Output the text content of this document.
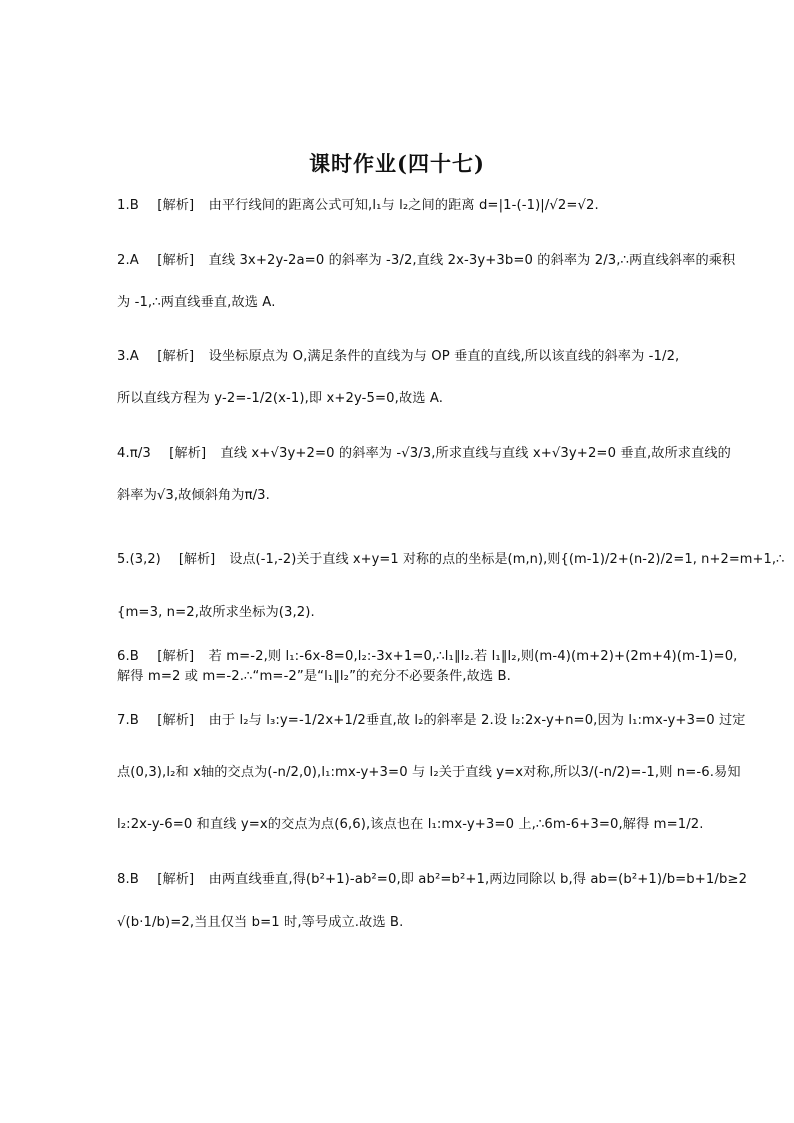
课时作业(四十七)
1.B [解析] 由平行线间的距离公式可知,l₁与 l₂之间的距离 d=|1-(-1)|/√2=√2.
2.A [解析] 直线 3x+2y-2a=0 的斜率为 -3/2,直线 2x-3y+3b=0 的斜率为 2/3,∴两直线斜率的乘积
为 -1,∴两直线垂直,故选 A.
3.A [解析] 设坐标原点为 O,满足条件的直线为与 OP 垂直的直线,所以该直线的斜率为 -1/2,
所以直线方程为 y-2=-1/2(x-1),即 x+2y-5=0,故选 A.
4.π/3 [解析] 直线 x+√3y+2=0 的斜率为 -√3/3,所求直线与直线 x+√3y+2=0 垂直,故所求直线的
斜率为√3,故倾斜角为π/3.
5.(3,2) [解析] 设点(-1,-2)关于直线 x+y=1 对称的点的坐标是(m,n),则{(m-1)/2+(n-2)/2=1, n+2=m+1,∴
{m=3, n=2,故所求坐标为(3,2).
6.B [解析] 若 m=-2,则 l₁:-6x-8=0,l₂:-3x+1=0,∴l₁∥l₂.若 l₁∥l₂,则(m-4)(m+2)+(2m+4)(m-1)=0,
解得 m=2 或 m=-2.∴“m=-2”是“l₁∥l₂”的充分不必要条件,故选 B.
7.B [解析] 由于 l₂与 l₃:y=-1/2x+1/2垂直,故 l₂的斜率是 2.设 l₂:2x-y+n=0,因为 l₁:mx-y+3=0 过定
点(0,3),l₂和 x轴的交点为(-n/2,0),l₁:mx-y+3=0 与 l₂关于直线 y=x对称,所以3/(-n/2)=-1,则 n=-6.易知
l₂:2x-y-6=0 和直线 y=x的交点为点(6,6),该点也在 l₁:mx-y+3=0 上,∴6m-6+3=0,解得 m=1/2.
8.B [解析] 由两直线垂直,得(b²+1)-ab²=0,即 ab²=b²+1,两边同除以 b,得 ab=(b²+1)/b=b+1/b≥2
√(b·1/b)=2,当且仅当 b=1 时,等号成立.故选 B.
